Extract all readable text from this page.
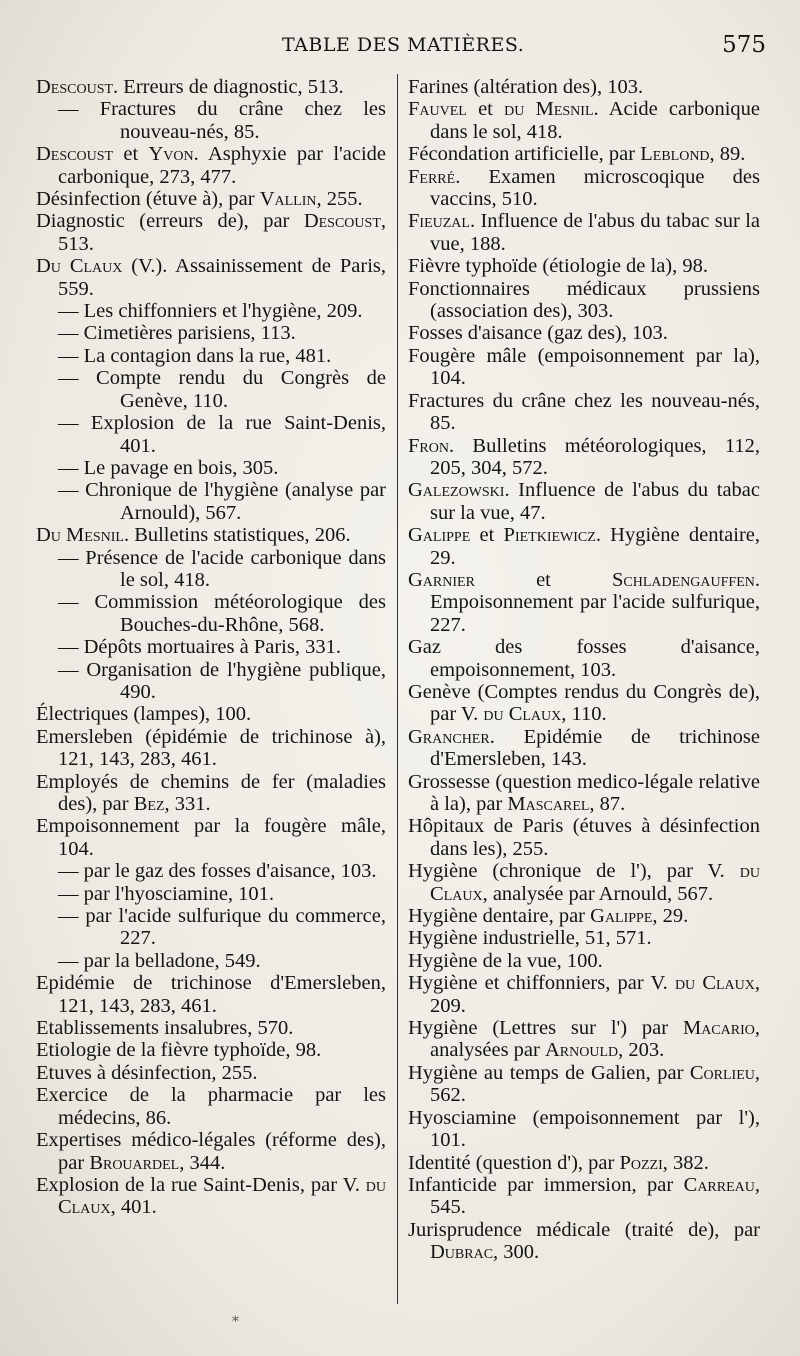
TABLE DES MATIÈRES.	575
Descoust. Erreurs de diagnostic, 513.
— Fractures du crâne chez les nouveau-nés, 85.
Descoust et Yvon. Asphyxie par l'acide carbonique, 273, 477.
Désinfection (étuve à), par Vallin, 255.
Diagnostic (erreurs de), par Descoust, 513.
Du Claux (V.). Assainissement de Paris, 559.
— Les chiffonniers et l'hygiène, 209.
— Cimetières parisiens, 113.
— La contagion dans la rue, 481.
— Compte rendu du Congrès de Genève, 110.
— Explosion de la rue Saint-Denis, 401.
— Le pavage en bois, 305.
— Chronique de l'hygiène (analyse par Arnould), 567.
Du Mesnil. Bulletins statistiques, 206.
— Présence de l'acide carbonique dans le sol, 418.
— Commission météorologique des Bouches-du-Rhône, 568.
— Dépôts mortuaires à Paris, 331.
— Organisation de l'hygiène publique, 490.
Électriques (lampes), 100.
Emersleben (épidémie de trichinose à), 121, 143, 283, 461.
Employés de chemins de fer (maladies des), par Bez, 331.
Empoisonnement par la fougère mâle, 104.
— par le gaz des fosses d'aisance, 103.
— par l'hyosciamine, 101.
— par l'acide sulfurique du commerce, 227.
— par la belladone, 549.
Epidémie de trichinose d'Emersleben, 121, 143, 283, 461.
Etablissements insalubres, 570.
Etiologie de la fièvre typhoïde, 98.
Etuves à désinfection, 255.
Exercice de la pharmacie par les médecins, 86.
Expertises médico-légales (réforme des), par Brouardel, 344.
Explosion de la rue Saint-Denis, par V. du Claux, 401.
Farines (altération des), 103.
Fauvel et du Mesnil. Acide carbonique dans le sol, 418.
Fécondation artificielle, par Leblond, 89.
Ferré. Examen microscoqique des vaccins, 510.
Fieuzal. Influence de l'abus du tabac sur la vue, 188.
Fièvre typhoïde (étiologie de la), 98.
Fonctionnaires médicaux prussiens (association des), 303.
Fosses d'aisance (gaz des), 103.
Fougère mâle (empoisonnement par la), 104.
Fractures du crâne chez les nouveau-nés, 85.
Fron. Bulletins météorologiques, 112, 205, 304, 572.
Galezowski. Influence de l'abus du tabac sur la vue, 47.
Galippe et Pietkiewicz. Hygiène dentaire, 29.
Garnier et Schladengauffen. Empoisonnement par l'acide sulfurique, 227.
Gaz des fosses d'aisance, empoisonnement, 103.
Genève (Comptes rendus du Congrès de), par V. du Claux, 110.
Grancher. Epidémie de trichinose d'Emersleben, 143.
Grossesse (question medico-légale relative à la), par Mascarel, 87.
Hôpitaux de Paris (étuves à désinfection dans les), 255.
Hygiène (chronique de l'), par V. du Claux, analysée par Arnould, 567.
Hygiène dentaire, par Galippe, 29.
Hygiène industrielle, 51, 571.
Hygiène de la vue, 100.
Hygiène et chiffonniers, par V. du Claux, 209.
Hygiène (Lettres sur l') par Macario, analysées par Arnould, 203.
Hygiène au temps de Galien, par Corlieu, 562.
Hyosciamine (empoisonnement par l'), 101.
Identité (question d'), par Pozzi, 382.
Infanticide par immersion, par Carreau, 545.
Jurisprudence médicale (traité de), par Dubrac, 300.
*
